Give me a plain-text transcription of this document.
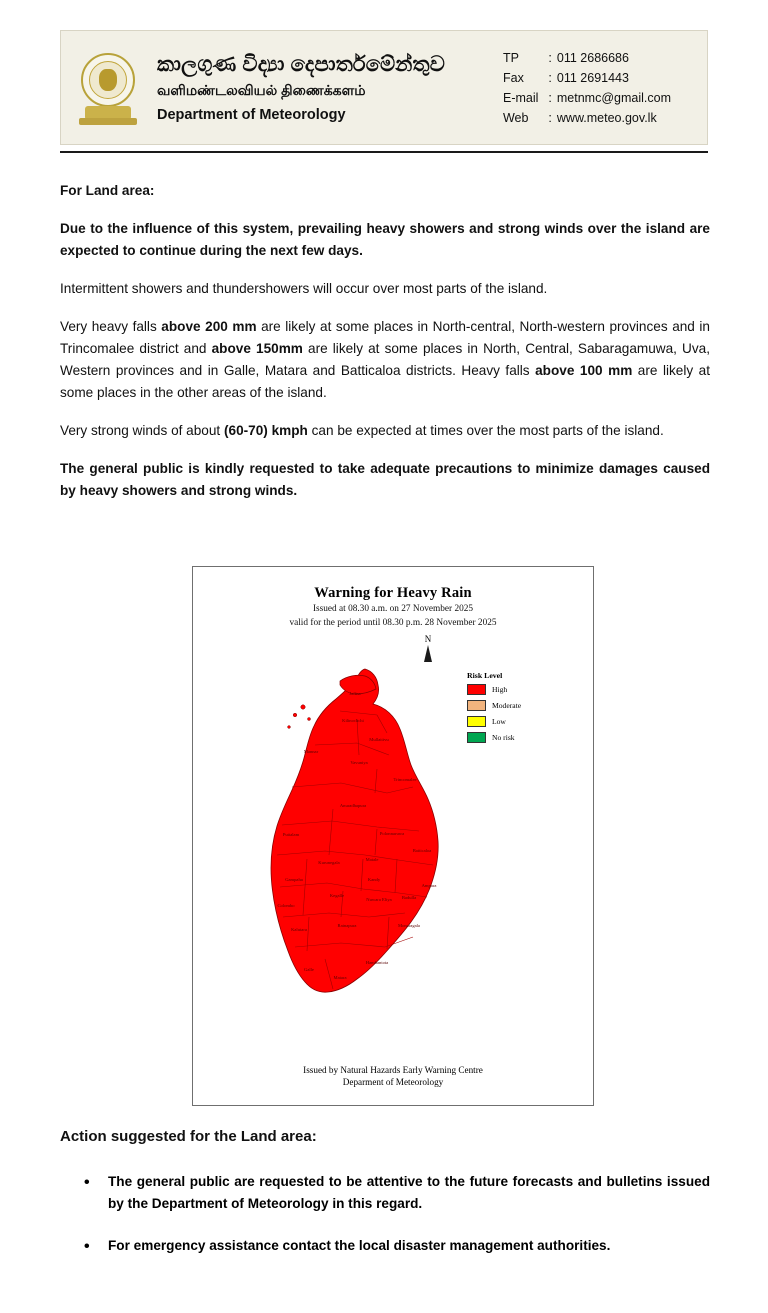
කාලගුණ විද්‍යා දෙපාර්තමේන්තුව
வளிமண்டலவியல் திணைக்களம்
Department of Meteorology
TP	:	011 2686686
Fax	:	011 2691443
E-mail	:	metnmc@gmail.com
Web	:	www.meteo.gov.lk

For Land area:

Due to the influence of this system, prevailing heavy showers and strong winds over the island are expected to continue during the next few days.

Intermittent showers and thundershowers will occur over most parts of the island.

Very heavy falls above 200 mm are likely at some places in North-central, North-western provinces and in Trincomalee district and above 150mm are likely at some places in North, Central, Sabaragamuwa, Uva, Western provinces and in Galle, Matara and Batticaloa districts. Heavy falls above 100 mm are likely at some places in the other areas of the island.

Very strong winds of about (60-70) kmph can be expected at times over the most parts of the island.

The general public is kindly requested to take adequate precautions to minimize damages caused by heavy showers and strong winds.

Warning for Heavy Rain
Issued at 08.30 a.m. on 27 November 2025
valid for the period until 08.30 p.m. 28 November 2025
N
Risk Level
High
Moderate
Low
No risk
Jaffna
Kilinochchi
Mullaitivu
Mannar
Vavuniya
Trincomalee
Anuradhapura
Puttalam	Polonnaruwa
Batticaloa
Kurunegala
Matale
Gampaha	Kandy
Ampara
Colombo
Kegalle
Nuwara Eliya Badulla
Kalutara
Ratnapura	Monaragala
Hambantota
Galle
Matara
Issued by Natural Hazards Early Warning Centre
Deparment of Meteorology
Action suggested for the Land area:
• The general public are requested to be attentive to the future forecasts and bulletins issued by the Department of Meteorology in this regard.
• For emergency assistance contact the local disaster management authorities.
